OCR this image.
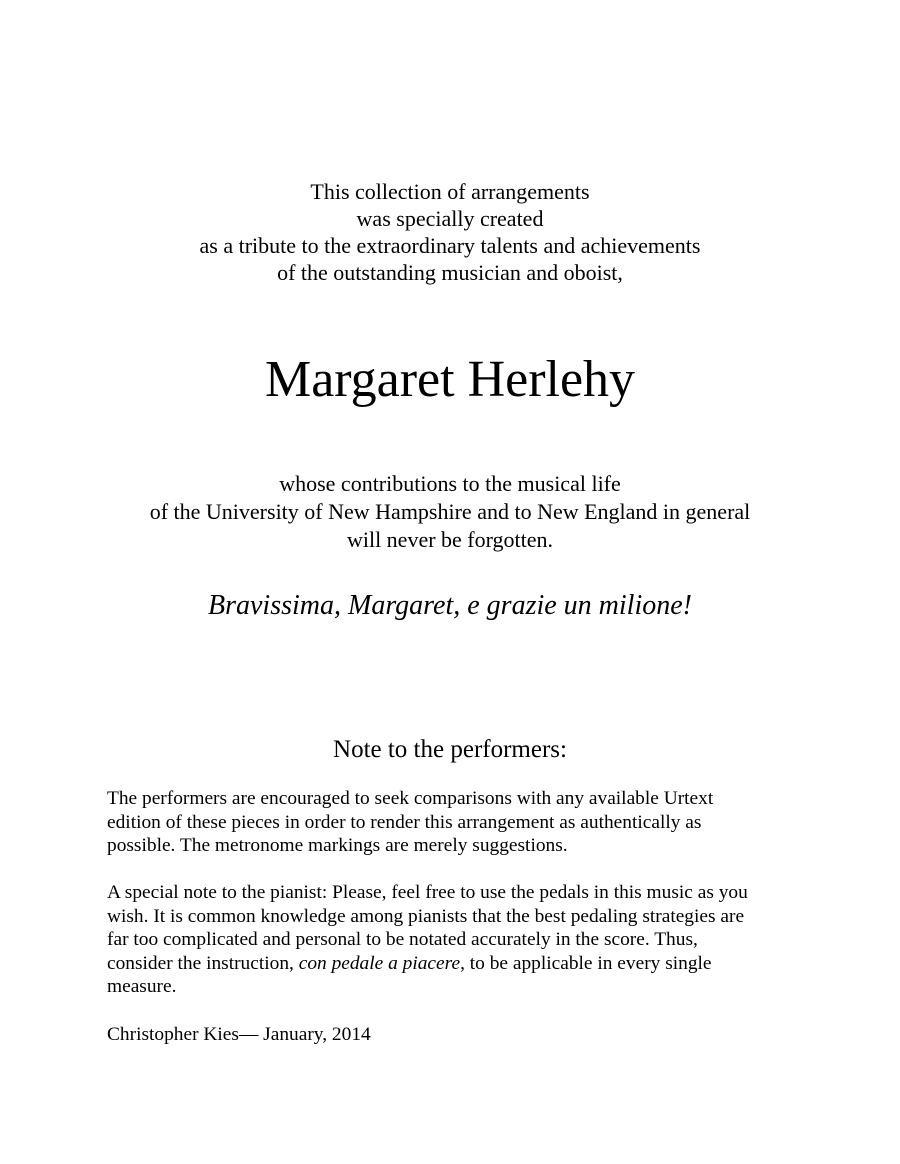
This collection of arrangements
was specially created
as a tribute to the extraordinary talents and achievements
of the outstanding musician and oboist,
Margaret Herlehy
whose contributions to the musical life
of the University of New Hampshire and to New England in general
will never be forgotten.
Bravissima, Margaret, e grazie un milione!
Note to the performers:

The performers are encouraged to seek comparisons with any available Urtext
edition of these pieces in order to render this arrangement as authentically as
possible. The metronome markings are merely suggestions.

A special note to the pianist: Please, feel free to use the pedals in this music as you
wish. It is common knowledge among pianists that the best pedaling strategies are
far too complicated and personal to be notated accurately in the score. Thus,
consider the instruction, con pedale a piacere, to be applicable in every single
measure.

Christopher Kies— January, 2014
